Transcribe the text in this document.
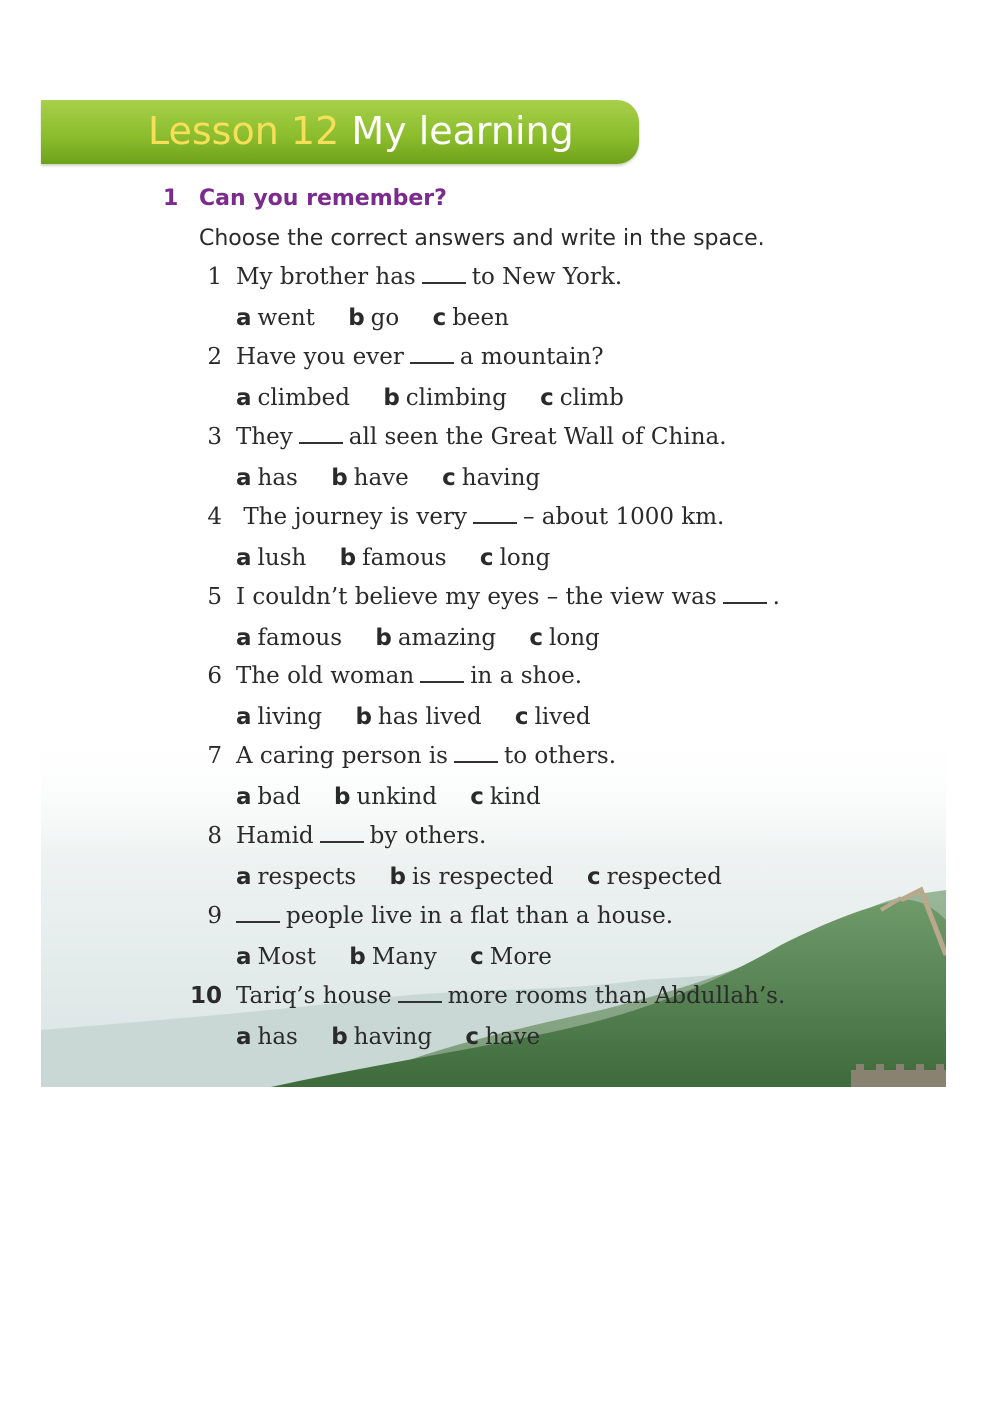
Lesson 12 My learning
1 Can you remember?
Choose the correct answers and write in the space.
1 My brother has to New York.
a went b go c been
2 Have you ever a mountain?
a climbed b climbing c climb
3 They all seen the Great Wall of China.
a has b have c having
4 The journey is very – about 1000 km.
a lush b famous c long
5 I couldn’t believe my eyes – the view was .
a famous b amazing c long
6 The old woman in a shoe.
a living b has lived c lived
7 A caring person is to others.
a bad b unkind c kind
8 Hamid by others.
a respects b is respected c respected
9	people live in a flat than a house.
a Most b Many c More
10 Tariq’s house more rooms than Abdullah’s.
a has b having c have
